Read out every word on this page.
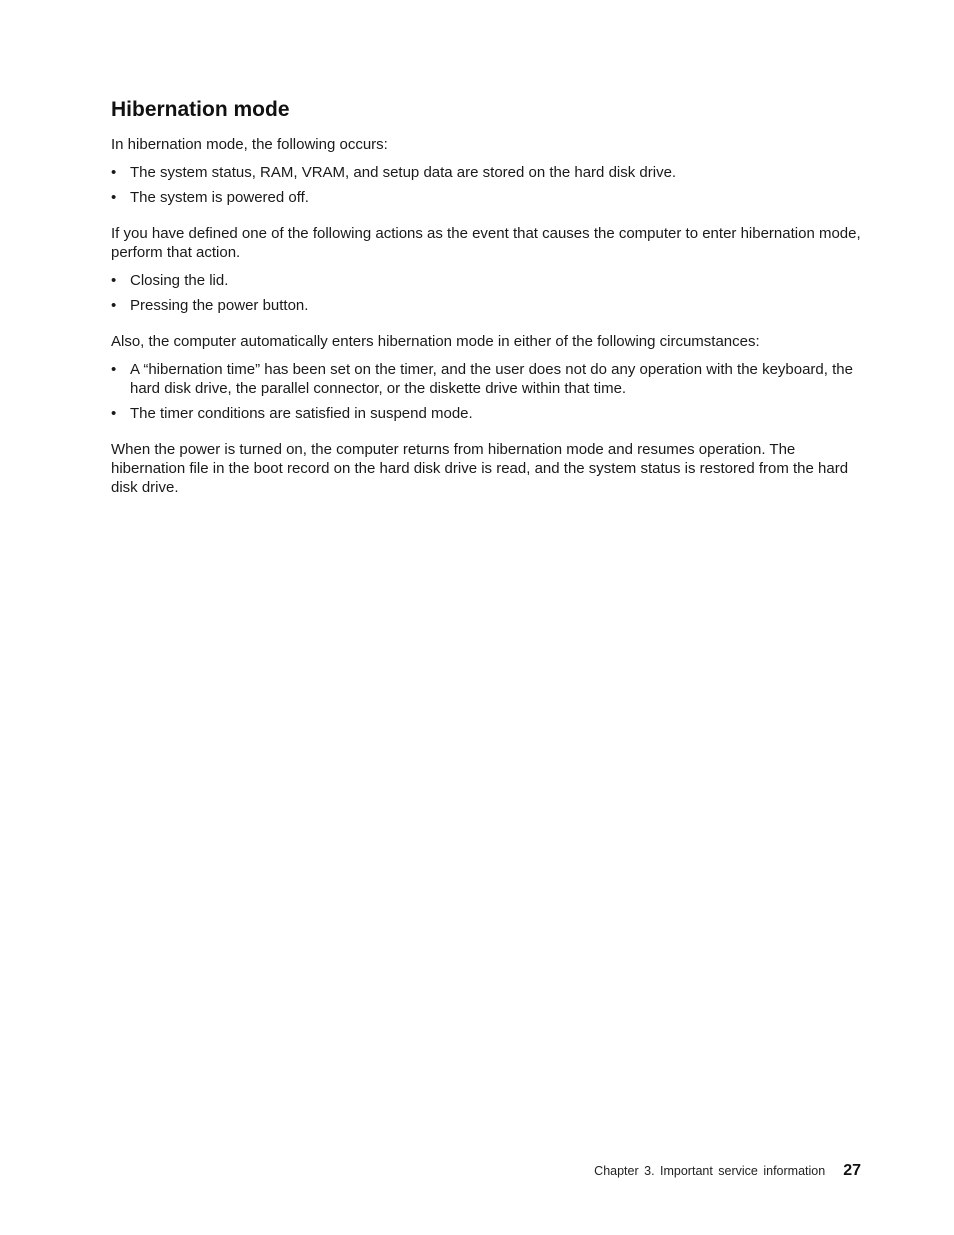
Hibernation mode

In hibernation mode, the following occurs:

• The system status, RAM, VRAM, and setup data are stored on the hard disk drive.
• The system is powered off.

If you have defined one of the following actions as the event that causes the computer to enter hibernation mode, perform that action.

• Closing the lid.
• Pressing the power button.

Also, the computer automatically enters hibernation mode in either of the following circumstances:

• A “hibernation time” has been set on the timer, and the user does not do any operation with the keyboard, the hard disk drive, the parallel connector, or the diskette drive within that time.
• The timer conditions are satisfied in suspend mode.

When the power is turned on, the computer returns from hibernation mode and resumes operation. The hibernation file in the boot record on the hard disk drive is read, and the system status is restored from the hard disk drive.

Chapter 3. Important service information 27
